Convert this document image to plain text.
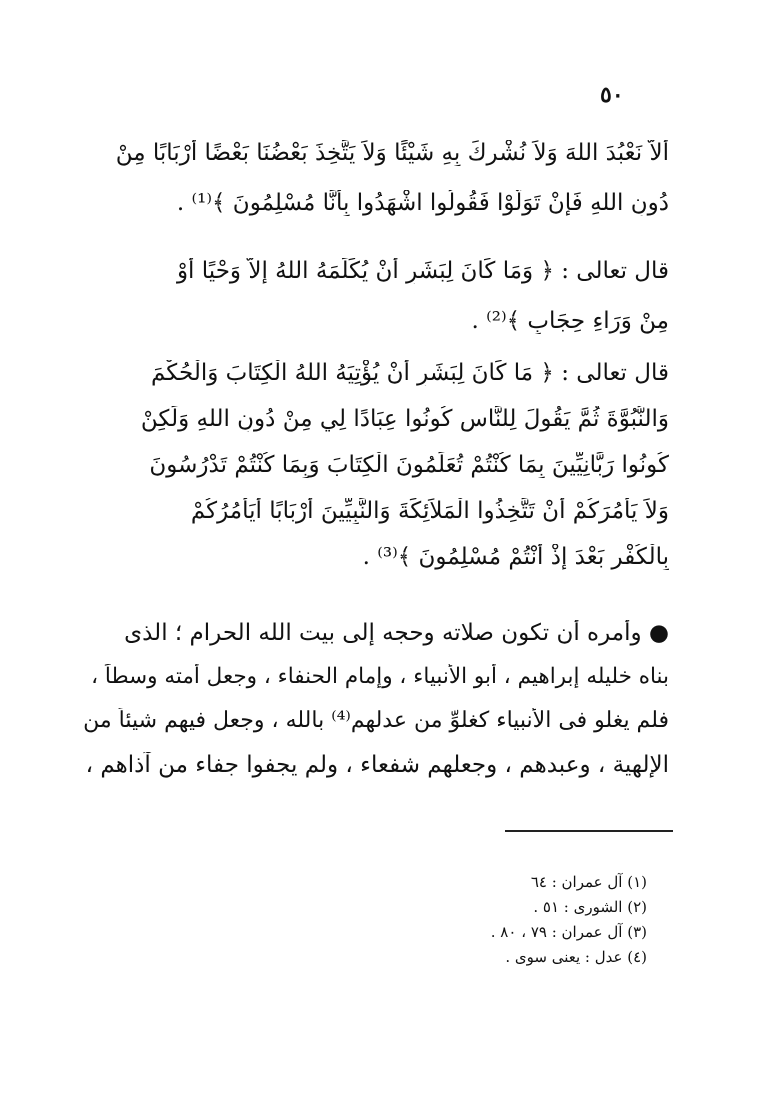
٥٠
أَلاَّ نَعْبُدَ اللهَ وَلاَ نُشْرِكَ بِهِ شَيْئًا وَلاَ يَتَّخِذَ بَعْضُنَا بَعْضًا أَرْبَابًا مِنْ
دُونِ اللهِ فَإِنْ تَوَلَّوْا فَقُولُوا اشْهَدُوا بِأَنَّا مُسْلِمُونَ ﴾⁽¹⁾ .
قال تعالى : ﴿ وَمَا كَانَ لِبَشَرٍ أَنْ يُكَلِّمَهُ اللهُ إِلاَّ وَحْيًا أَوْ
مِنْ وَرَاءِ حِجَابٍ ﴾⁽²⁾ .
قال تعالى : ﴿ مَا كَانَ لِبَشَرٍ أَنْ يُؤْتِيَهُ اللهُ الْكِتَابَ وَالْحُكْمَ
وَالنُّبُوَّةَ ثُمَّ يَقُولَ لِلنَّاسِ كُونُوا عِبَادًا لِي مِنْ دُونِ اللهِ وَلَكِنْ
كُونُوا رَبَّانِيِّينَ بِمَا كُنْتُمْ تُعَلِّمُونَ الْكِتَابَ وَبِمَا كُنْتُمْ تَدْرُسُونَ
وَلاَ يَأْمُرَكُمْ أَنْ تَتَّخِذُوا الْمَلاَئِكَةَ وَالنَّبِيِّينَ أَرْبَابًا أَيَأْمُرُكُمْ
بِالْكُفْرِ بَعْدَ إِذْ أَنْتُمْ مُسْلِمُونَ ﴾⁽³⁾ .
● وأمره أن تكون صلاته وحجه إلى بيت الله الحرام ؛ الذى
بناه خليله إبراهيم ، أبو الأنبياء ، وإمام الحنفاء ، وجعل أمته وسطاً ،
فلم يغلو فى الأنبياء كغلوِّ من عدلهم⁽⁴⁾ بالله ، وجعل فيهم شيئاً من
الإلهية ، وعبدهم ، وجعلهم شفعاء ، ولم يجفوا جفاء من آذاهم ،
(١) آل عمران : ٦٤
(٢) الشورى : ٥١ .
(٣) آل عمران : ٧٩ ، ٨٠ .
(٤) عدل : يعنى سوى .
